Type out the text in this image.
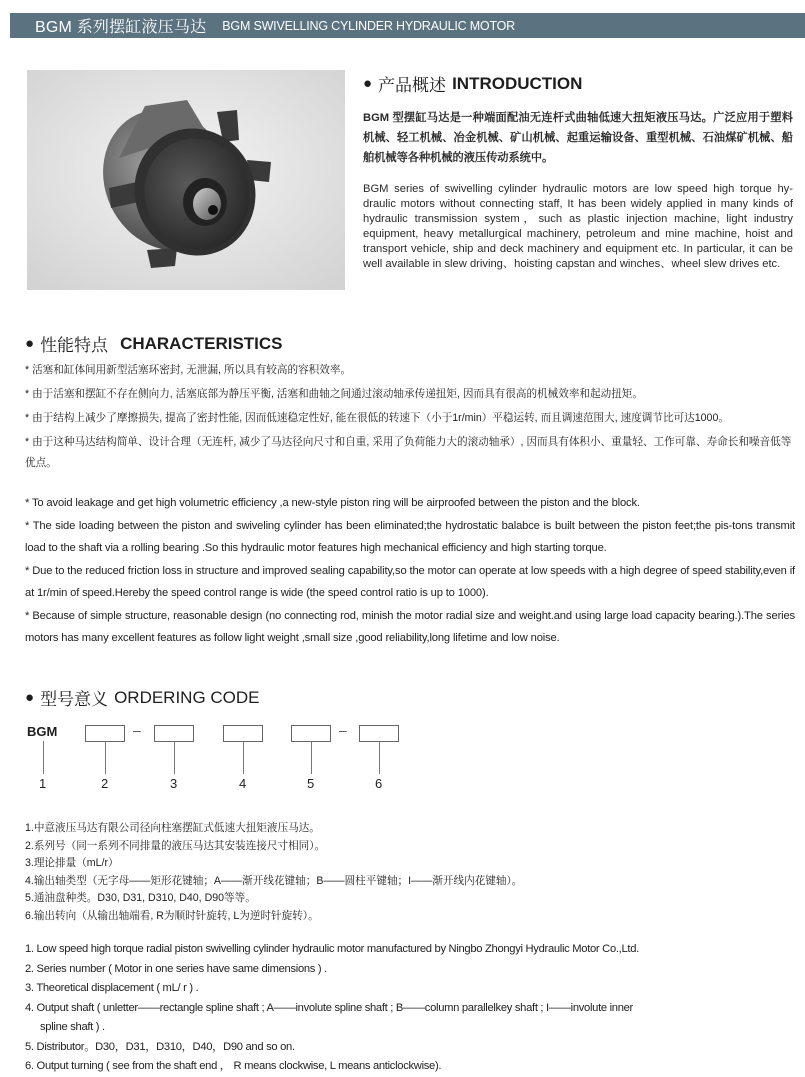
BGM 系列摆缸液压马达 BGM SWIVELLING CYLINDER HYDRAULIC MOTOR
● 产品概述 INTRODUCTION
BGM 型摆缸马达是一种端面配油无连杆式曲轴低速大扭矩液压马达。广泛应用于塑料机械、轻工机械、冶金机械、矿山机械、起重运输设备、重型机械、石油煤矿机械、船舶机械等各种机械的液压传动系统中。
BGM series of swivelling cylinder hydraulic motors are low speed high torque hy-draulic motors without connecting staff, It has been widely applied in many kinds of hydraulic transmission system，such as plastic injection machine, light industry equipment, heavy metallurgical machinery, petroleum and mine machine, hoist and transport vehicle, ship and deck machinery and equipment etc. In particular, it can be well available in slew driving、hoisting capstan and winches、wheel slew drives etc.
● 性能特点 CHARACTERISTICS

* 活塞和缸体间用新型活塞环密封, 无泄漏, 所以具有较高的容积效率。

* 由于活塞和摆缸不存在侧向力, 活塞底部为静压平衡, 活塞和曲轴之间通过滚动轴承传递扭矩, 因而具有很高的机械效率和起动扭矩。

* 由于结构上减少了摩擦损失, 提高了密封性能, 因而低速稳定性好, 能在很低的转速下（小于1r/min）平稳运转, 而且调速范围大, 速度调节比可达1000。

* 由于这种马达结构简单、设计合理（无连杆, 减少了马达径向尺寸和自重, 采用了负荷能力大的滚动轴承）, 因而具有体积小、重量轻、工作可靠、寿命长和噪音低等优点。

* To avoid leakage and get high volumetric efficiency ,a new-style piston ring will be airproofed between the piston and the block.

* The side loading between the piston and swiveling cylinder has been eliminated;the hydrostatic balabce is built between the piston feet;the pis-tons transmit load to the shaft via a rolling bearing .So this hydraulic motor features high mechanical efficiency and high starting torque.

* Due to the reduced friction loss in structure and improved sealing capability,so the motor can operate at low speeds with a high degree of speed stability,even if at 1r/min of speed.Hereby the speed control range is wide (the speed control ratio is up to 1000).

* Because of simple structure, reasonable design (no connecting rod, minish the motor radial size and weight.and using large load capacity bearing.).The series motors has many excellent features as follow light weight ,small size ,good reliability,long lifetime and low noise.

● 型号意义 ORDERING CODE
BGM	–	–
1	2	3	4	5	6

1.中意液压马达有限公司径向柱塞摆缸式低速大扭矩液压马达。

2.系列号（同一系列不同排量的液压马达其安装连接尺寸相同）。

3.理论排量（mL/r）

4.输出轴类型（无字母——矩形花键轴；A——渐开线花键轴；B——圆柱平键轴；I——渐开线内花键轴）。

5.通油盘种类。D30, D31, D310, D40, D90等等。

6.输出转向（从输出轴端看, R为顺时针旋转, L为逆时针旋转）。

1. Low speed high torque radial piston swivelling cylinder hydraulic motor manufactured by Ningbo Zhongyi Hydraulic Motor Co.,Ltd.

2. Series number ( Motor in one series have same dimensions ) .

3. Theoretical displacement ( mL/ r ) .

4. Output shaft ( unletter——rectangle spline shaft ; A——involute spline shaft ; B——column parallelkey shaft ; I——involute inner

spline shaft ) .

5. Distributor。D30，D31，D310，D40，D90 and so on.

6. Output turning ( see from the shaft end ， R means clockwise, L means anticlockwise).
